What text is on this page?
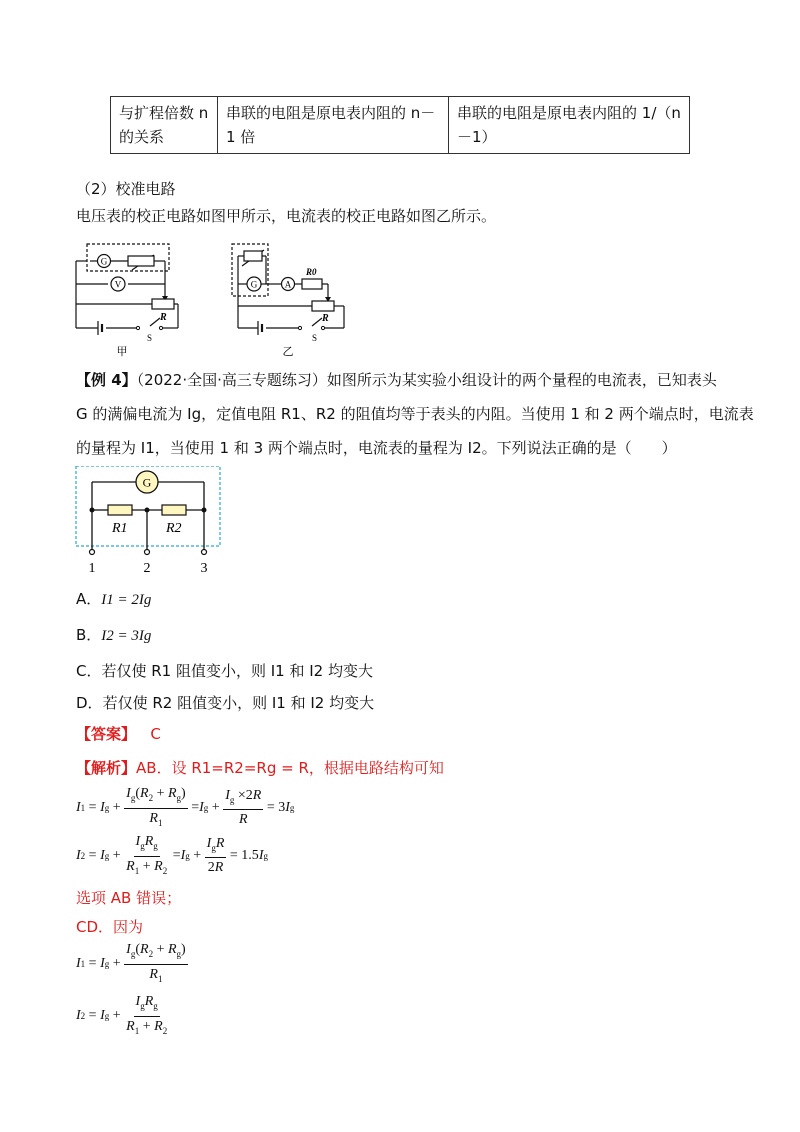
与扩程倍数 n 的关系	串联的电阻是原电表内阻的 n－1 倍	串联的电阻是原电表内阻的 1/（n－1）
（2）校准电路
电压表的校正电路如图甲所示，电流表的校正电路如图乙所示。
G
V
R
S
甲
G	A
R0
R
S
乙
【例 4】（2022·全国·高三专题练习）如图所示为某实验小组设计的两个量程的电流表，已知表头
G 的满偏电流为 Ig，定值电阻 R1、R2 的阻值均等于表头的内阻。当使用 1 和 2 两个端点时，电流表
的量程为 I1，当使用 1 和 3 两个端点时，电流表的量程为 I2。下列说法正确的是（　　）
G
R1	R2
1	2	3
A．I1 = 2Ig
B．I2 = 3Ig
C．若仅使 R1 阻值变小，则 I1 和 I2 均变大
D．若仅使 R2 阻值变小，则 I1 和 I2 均变大
【答案】 C
【解析】AB．设 R1=R2=Rg = R，根据电路结构可知
I 1 = I $g + \frac{I_g(R_2 + R_g)}{R_1} = I$ $g + \frac{I_g \times 2R}{R} = 3$ I g
I 2 = I $g + \frac{I_gR_g}{R_1 + R_2} = I$ $g + \frac{I_gR}{2R} = 1.5$ I g
选项 AB 错误；
CD．因为
I 1 = I $g + \frac{I_g(R_2 + R_g)}{R_1}$
I 2 = I $g + \frac{I_gR_g}{R_1 + R_2}$
